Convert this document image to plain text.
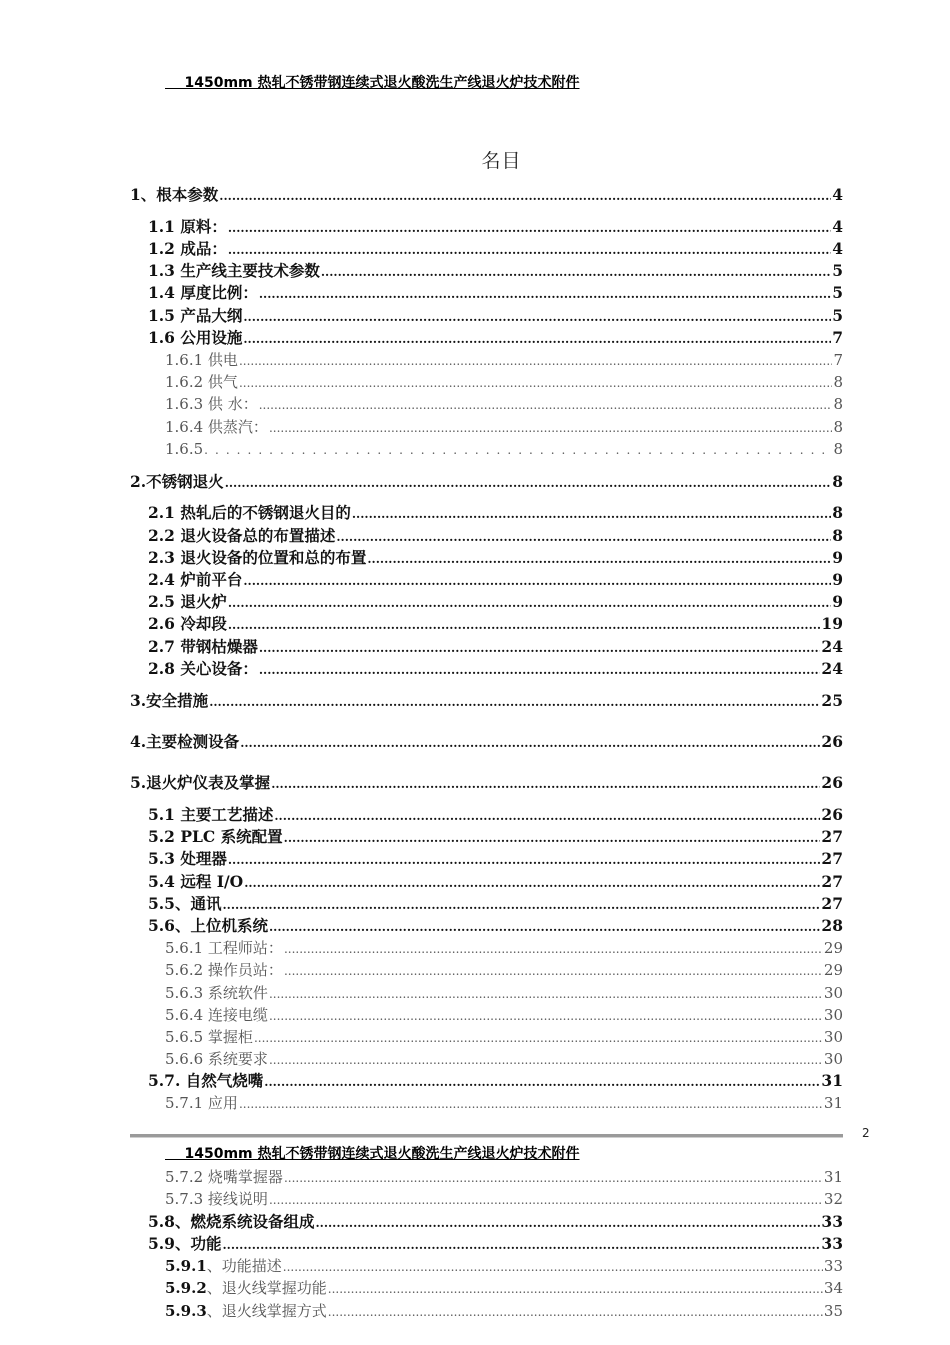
1450mm 热轧不锈带钢连续式退火酸洗生产线退火炉技术附件
名目
1、根本参数 .....	4
1.1 原料： .....	4
1.2 成品： .....	4
1.3 生产线主要技术参数 .....	5
1.4 厚度比例： .....	5
1.5 产品大纲 .....	5
1.6 公用设施 .....	7
1.6.1 供电 .....	7
1.6.2 供气 .....	8
1.6.3 供 水： .....	8
1.6.4 供蒸汽： .....	8
1.6.5 . . .	8
2.不锈钢退火 .....	8
2.1 热轧后的不锈钢退火目的 .....	8
2.2 退火设备总的布置描述 .....	8
2.3 退火设备的位置和总的布置 .....	9
2.4 炉前平台 .....	9
2.5 退火炉 .....	9
2.6 冷却段 .....	19
2.7 带钢枯燥器 .....	24
2.8 关心设备： .....	24
3.安全措施 .....	25
4.主要检测设备 .....	26
5.退火炉仪表及掌握 .....	26
5.1 主要工艺描述 .....	26
5.2 PLC 系统配置 .....	27
5.3 处理器 .....	27
5.4 远程 I/O .....	27
5.5、通讯 .....	27
5.6、上位机系统 .....	28
5.6.1 工程师站： .....	29
5.6.2 操作员站： .....	29
5.6.3 系统软件 .....	30
5.6.4 连接电缆 .....	30
5.6.5 掌握柜 .....	30
5.6.6 系统要求 .....	30
5.7. 自然气烧嘴 .....	31
5.7.1 应用 .....	31
2
1450mm 热轧不锈带钢连续式退火酸洗生产线退火炉技术附件
5.7.2 烧嘴掌握器 .....	31
5.7.3 接线说明 .....	32
5.8、燃烧系统设备组成 .....	33
5.9、功能 .....	33
5.9.1、功能描述 .....	33
5.9.2、退火线掌握功能 .....	34
5.9.3、退火线掌握方式 .....	35
